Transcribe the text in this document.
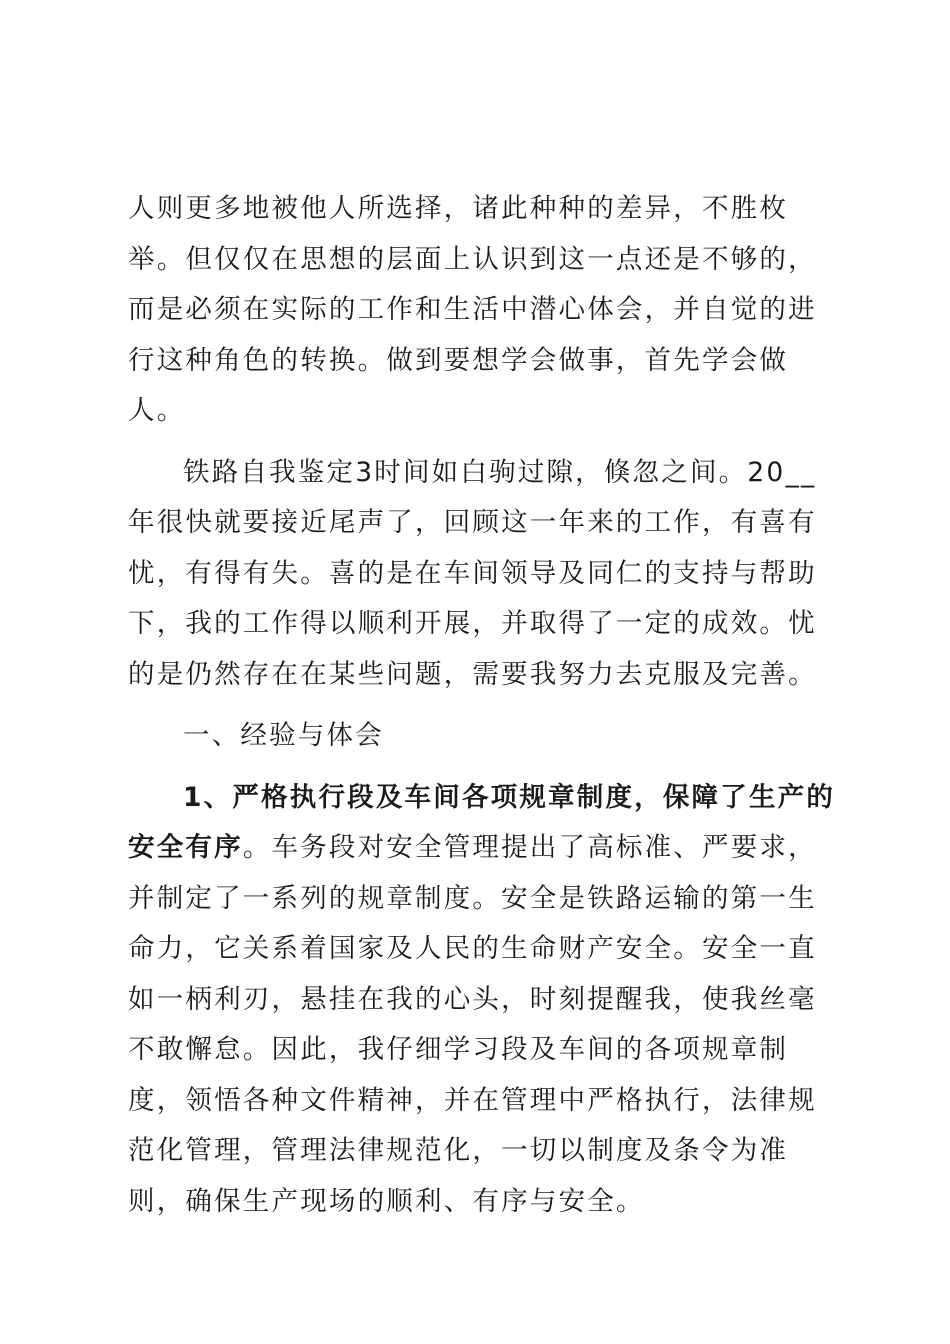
人则更多地被他人所选择，诸此种种的差异，不胜枚举。但仅仅在思想的层面上认识到这一点还是不够的，而是必须在实际的工作和生活中潜心体会，并自觉的进行这种角色的转换。做到要想学会做事，首先学会做人。

铁路自我鉴定3时间如白驹过隙，倏忽之间。20__年很快就要接近尾声了，回顾这一年来的工作，有喜有忧，有得有失。喜的是在车间领导及同仁的支持与帮助下，我的工作得以顺利开展，并取得了一定的成效。忧的是仍然存在在某些问题，需要我努力去克服及完善。

一、经验与体会

1、严格执行段及车间各项规章制度，保障了生产的安全有序。车务段对安全管理提出了高标准、严要求，并制定了一系列的规章制度。安全是铁路运输的第一生命力，它关系着国家及人民的生命财产安全。安全一直如一柄利刃，悬挂在我的心头，时刻提醒我，使我丝毫不敢懈怠。因此，我仔细学习段及车间的各项规章制度，领悟各种文件精神，并在管理中严格执行，法律规范化管理，管理法律规范化，一切以制度及条令为准则，确保生产现场的顺利、有序与安全。
